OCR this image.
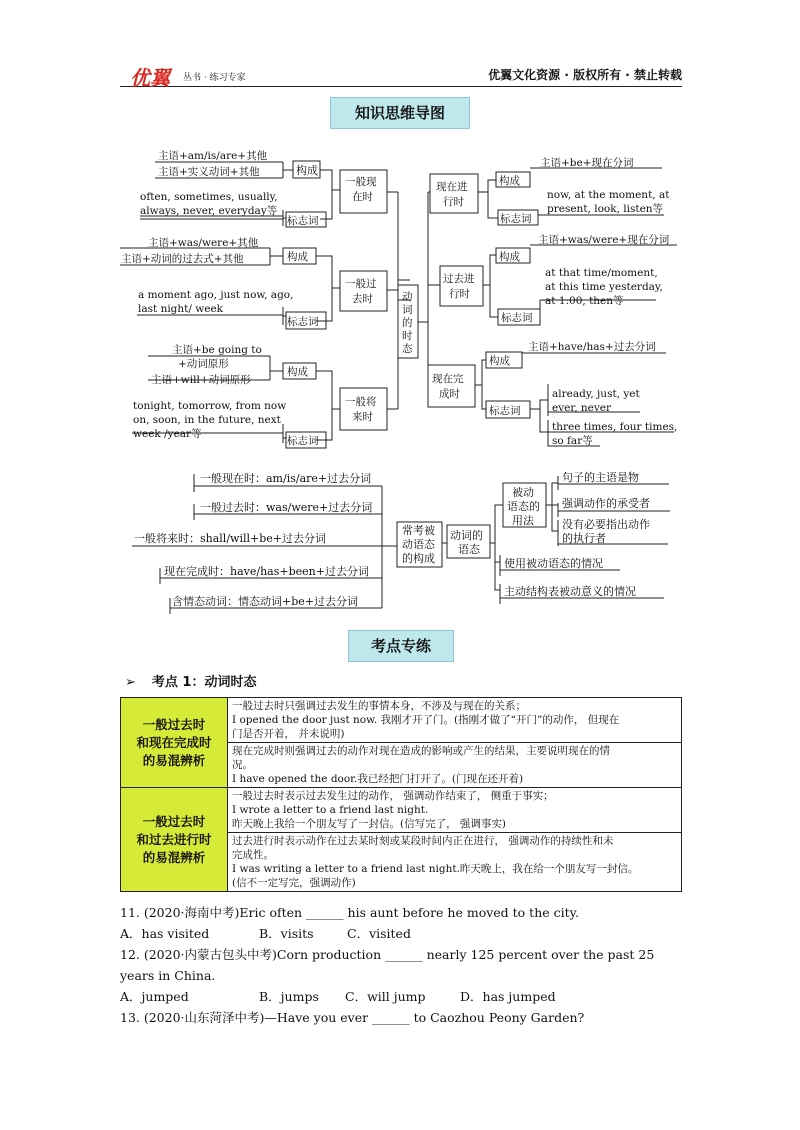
优翼 丛书 · 练习专家	优翼文化资源 · 版权所有 · 禁止转载
知识思维导图
主语+am/is/are+其他
主语+实义动词+其他	构成
often, sometimes, usually,
always, never, everyday等
标志词
一般现
在时
主语+was/were+其他
主语+动词的过去式+其他	构成
a moment ago, just now, ago,
last night/ week
标志词
一般过
去时
主语+be going to
+动词原形
主语+will+动词原形
构成
tonight, tomorrow, from now
on, soon, in the future, next
week /year等
标志词
一般将
来时
动
词
的
时
态
现在进
行时
构成
主语+be+现在分词
标志词
now, at the moment, at
present, look, listen等
过去进
行时
构成
主语+was/were+现在分词
标志词
at that time/moment,
at this time yesterday,
at 1:00, then等
现在完
成时
构成
主语+have/has+过去分词
标志词
already, just, yet
ever, never
three times, four times,
so far等
一般现在时：am/is/are+过去分词
一般过去时：was/were+过去分词
一般将来时：shall/will+be+过去分词
现在完成时：have/has+been+过去分词
含情态动词：情态动词+be+过去分词
常考被
动语态
的构成
动词的
语态
被动
语态的
用法
句子的主语是物
强调动作的承受者
没有必要指出动作
的执行者
使用被动语态的情况
主动结构表被动意义的情况
考点专练
➢ 考点 1：动词时态
一般过去时
和现在完成时
的易混辨析	一般过去时只强调过去发生的事情本身，不涉及与现在的关系；
I opened the door just now. 我刚才开了门。(指刚才做了“开门”的动作， 但现在
门是否开着， 并未说明)

	现在完成时则强调过去的动作对现在造成的影响或产生的结果，主要说明现在的情
况。
I have opened the door.我已经把门打开了。(门现在还开着)

一般过去时
和过去进行时
的易混辨析	一般过去时表示过去发生过的动作， 强调动作结束了， 侧重于事实；
I wrote a letter to a friend last night.
昨天晚上我给一个朋友写了一封信。(信写完了， 强调事实)

	过去进行时表示动作在过去某时刻或某段时间内正在进行， 强调动作的持续性和未
完成性。
I was writing a letter to a friend last night.昨天晚上，我在给一个朋友写一封信。
(信不一定写完，强调动作)
11. (2020·海南中考)Eric often ______ his aunt before he moved to the city.
A．has visited	B．visits	C．visited
12. (2020·内蒙古包头中考)Corn production ______ nearly 125 percent over the past 25
years in China.
A．jumped	B．jumps C．will jump	D．has jumped
13. (2020·山东菏泽中考)—Have you ever ______ to Caozhou Peony Garden?
